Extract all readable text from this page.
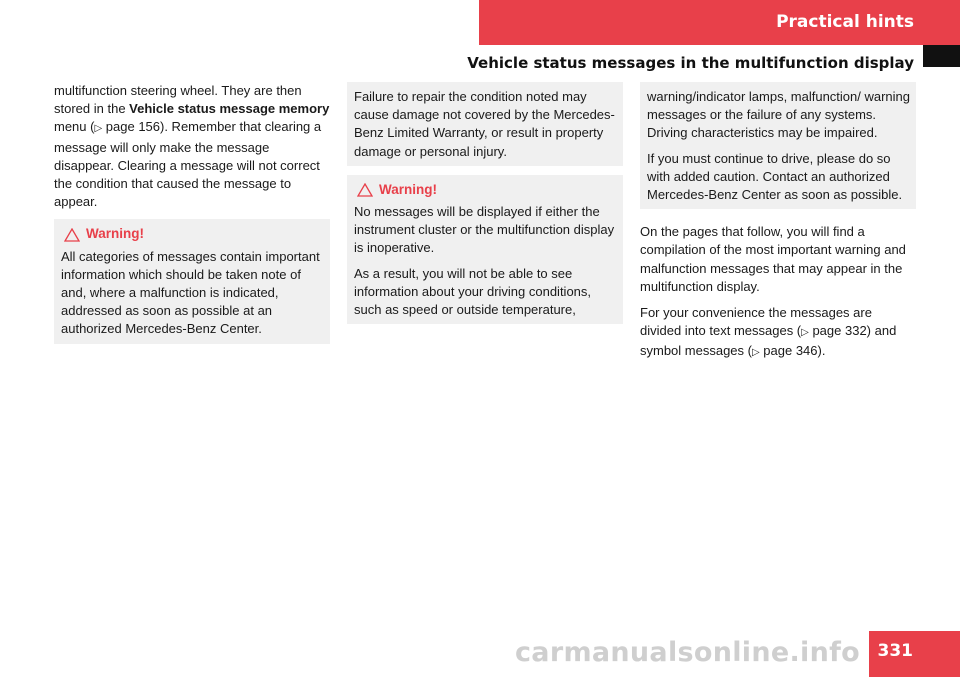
Practical hints
Vehicle status messages in the multifunction display

multifunction steering wheel. They are then stored in the Vehicle status message memory menu (▷ page 156). Remember that clearing a message will only make the message disappear. Clearing a message will not correct the condition that caused the message to appear.

Warning!

All categories of messages contain important information which should be taken note of and, where a malfunction is indicated, addressed as soon as possible at an authorized Mercedes-Benz Center.

Failure to repair the condition noted may cause damage not covered by the Mercedes-Benz Limited Warranty, or result in property damage or personal injury.

Warning!

No messages will be displayed if either the instrument cluster or the multifunction display is inoperative.

As a result, you will not be able to see information about your driving conditions, such as speed or outside temperature,

warning/indicator lamps, malfunction/ warning messages or the failure of any systems. Driving characteristics may be impaired.

If you must continue to drive, please do so with added caution. Contact an authorized Mercedes-Benz Center as soon as possible.

On the pages that follow, you will find a compilation of the most important warning and malfunction messages that may appear in the multifunction display.

For your convenience the messages are divided into text messages (▷ page 332) and symbol messages (▷ page 346).

carmanualsonline.info	331
